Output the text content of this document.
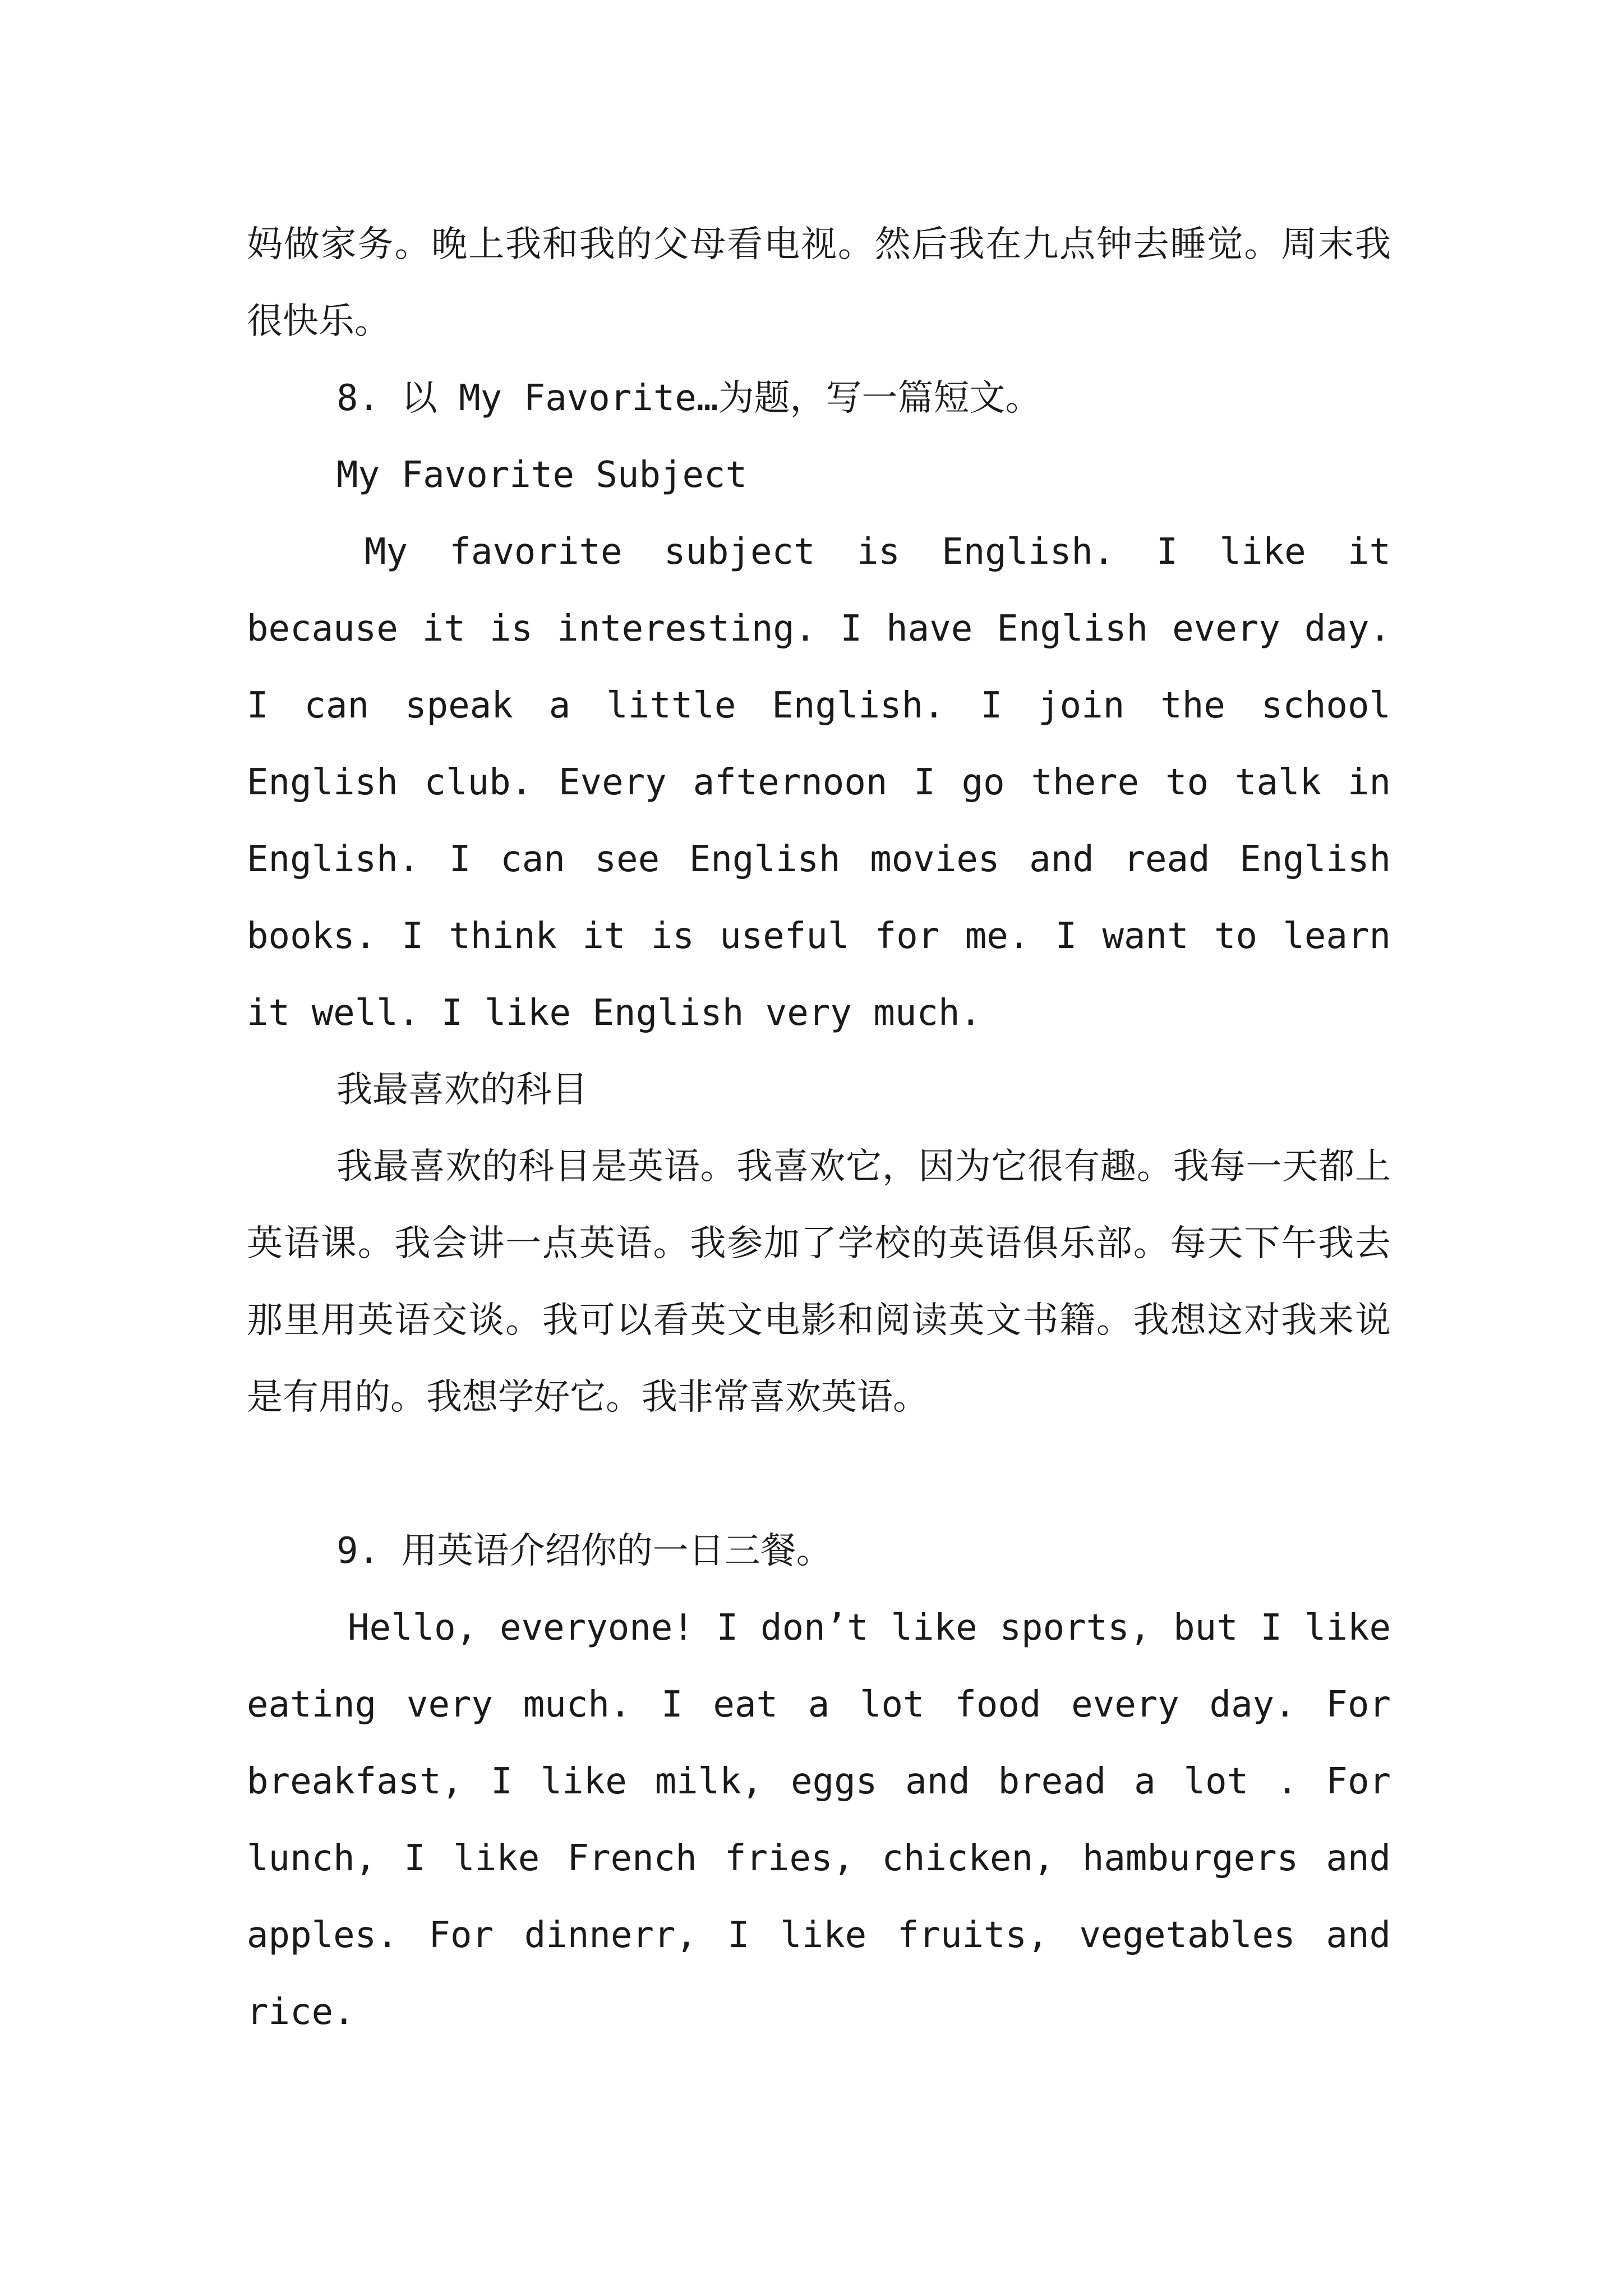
妈做家务。晚上我和我的父母看电视。然后我在九点钟去睡觉。周末我很快乐。

8. 以 My Favorite…为题，写一篇短文。

My Favorite Subject

My favorite subject is English. I like it because it is interesting. I have English every day. I can speak a little English. I join the school English club. Every afternoon I go there to talk in English. I can see English movies and read English books. I think it is useful for me. I want to learn it well. I like English very much.

我最喜欢的科目

我最喜欢的科目是英语。我喜欢它，因为它很有趣。我每一天都上英语课。我会讲一点英语。我参加了学校的英语俱乐部。每天下午我去那里用英语交谈。我可以看英文电影和阅读英文书籍。我想这对我来说是有用的。我想学好它。我非常喜欢英语。

9. 用英语介绍你的一日三餐。

Hello, everyone! I don’t like sports, but I like eating very much. I eat a lot food every day. For breakfast, I like milk, eggs and bread a lot . For lunch, I like French fries, chicken, hamburgers and apples. For dinnerr, I like fruits, vegetables and rice.
